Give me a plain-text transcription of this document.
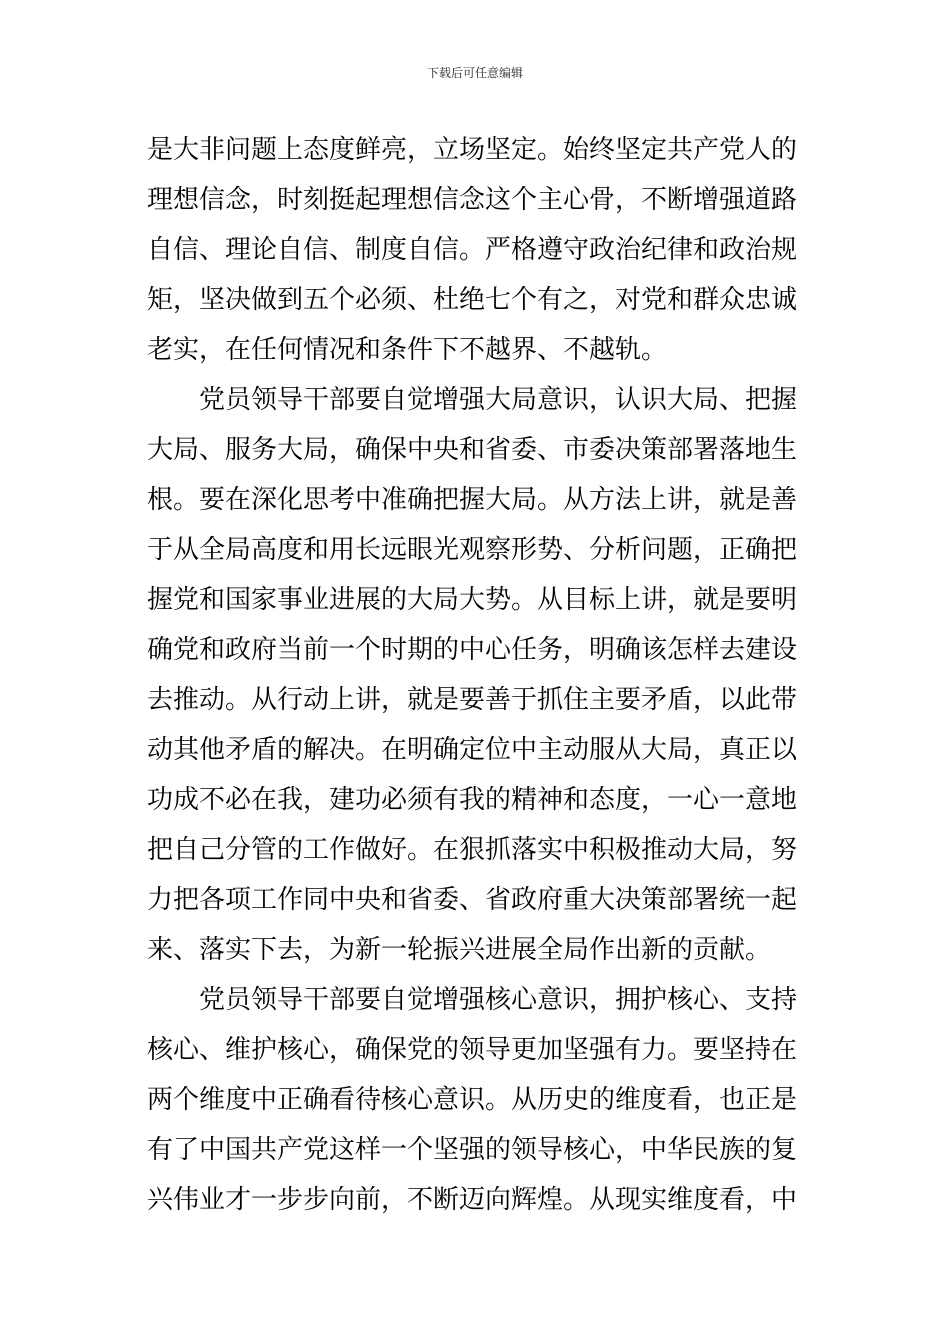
下载后可任意编辑
是大非问题上态度鲜亮，立场坚定。始终坚定共产党人的
理想信念，时刻挺起理想信念这个主心骨，不断增强道路
自信、理论自信、制度自信。严格遵守政治纪律和政治规
矩，坚决做到五个必须、杜绝七个有之，对党和群众忠诚
老实，在任何情况和条件下不越界、不越轨。
党员领导干部要自觉增强大局意识，认识大局、把握
大局、服务大局，确保中央和省委、市委决策部署落地生
根。要在深化思考中准确把握大局。从方法上讲，就是善
于从全局高度和用长远眼光观察形势、分析问题，正确把
握党和国家事业进展的大局大势。从目标上讲，就是要明
确党和政府当前一个时期的中心任务，明确该怎样去建设
去推动。从行动上讲，就是要善于抓住主要矛盾，以此带
动其他矛盾的解决。在明确定位中主动服从大局，真正以
功成不必在我，建功必须有我的精神和态度，一心一意地
把自己分管的工作做好。在狠抓落实中积极推动大局，努
力把各项工作同中央和省委、省政府重大决策部署统一起
来、落实下去，为新一轮振兴进展全局作出新的贡献。
党员领导干部要自觉增强核心意识，拥护核心、支持
核心、维护核心，确保党的领导更加坚强有力。要坚持在
两个维度中正确看待核心意识。从历史的维度看，也正是
有了中国共产党这样一个坚强的领导核心，中华民族的复
兴伟业才一步步向前，不断迈向辉煌。从现实维度看，中
